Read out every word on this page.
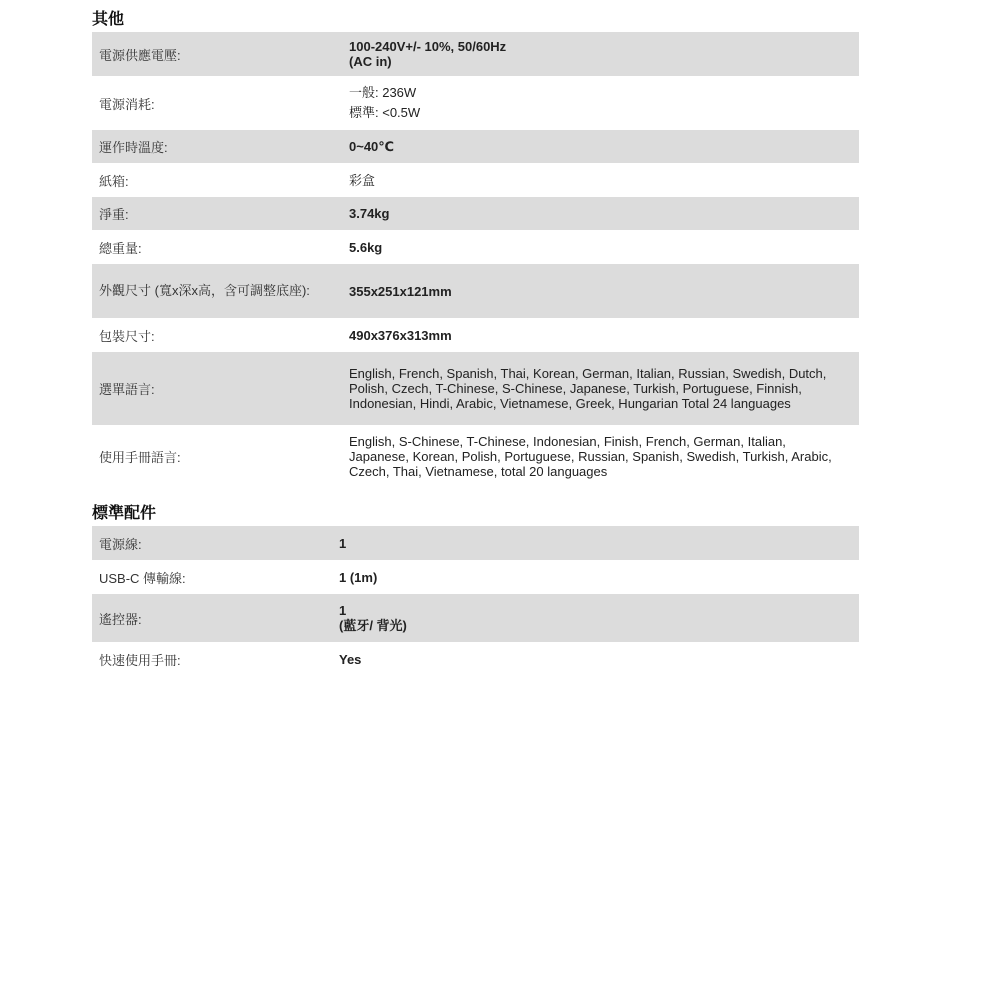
其他
電源供應電壓:	100-240V+/- 10%, 50/60Hz
(AC in)

電源消耗:	一般: 236W
標準: <0.5W

運作時溫度:	0~40℃
紙箱:	彩盒
淨重:	3.74kg
總重量:	5.6kg
外觀尺寸 (寬x深x高，含可調整底座):	355x251x121mm
包裝尺寸:	490x376x313mm
選單語言:	English, French, Spanish, Thai, Korean, German, Italian, Russian, Swedish, Dutch, Polish, Czech, T-Chinese, S-Chinese, Japanese, Turkish, Portuguese, Finnish, Indonesian, Hindi, Arabic, Vietnamese, Greek, Hungarian Total 24 languages
使用手冊語言:	English, S-Chinese, T-Chinese, Indonesian, Finish, French, German, Italian, Japanese, Korean, Polish, Portuguese, Russian, Spanish, Swedish, Turkish, Arabic, Czech, Thai, Vietnamese, total 20 languages
標準配件
電源線:	1
USB-C 傳輸線:	1 (1m)
遙控器:	1
(藍牙/ 背光)

快速使用手冊:	Yes
